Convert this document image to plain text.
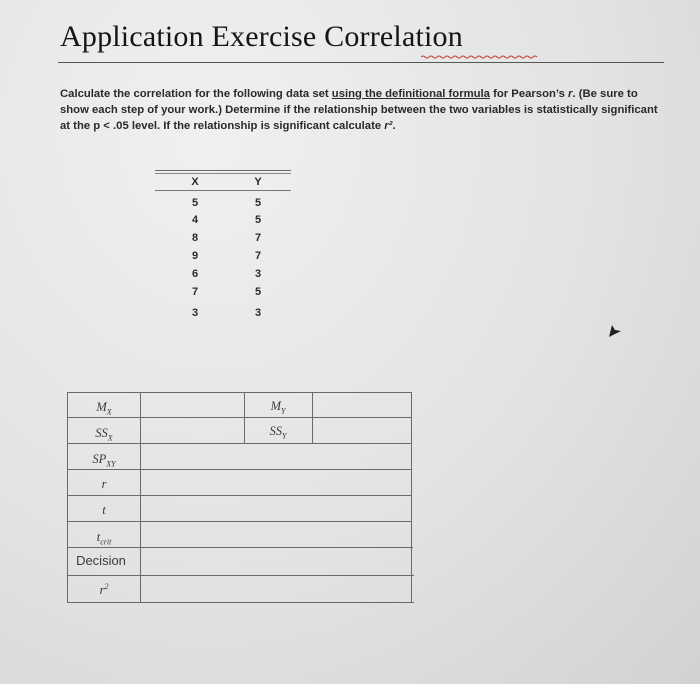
Application Exercise Correlation
Calculate the correlation for the following data set using the definitional formula for Pearson’s r. (Be sure to show each step of your work.) Determine if the relationship between the two variables is statistically significant at the p < .05 level. If the relationship is significant calculate r².
X
5
4
8
9
6
7
3
Y
5
5
7
7
3
5
3
$M_X$	$M_Y$
$SS_X$	$SS_Y$
$SP_{XY}$
r
t
$t_{crit}$
Decision
$r^2$
